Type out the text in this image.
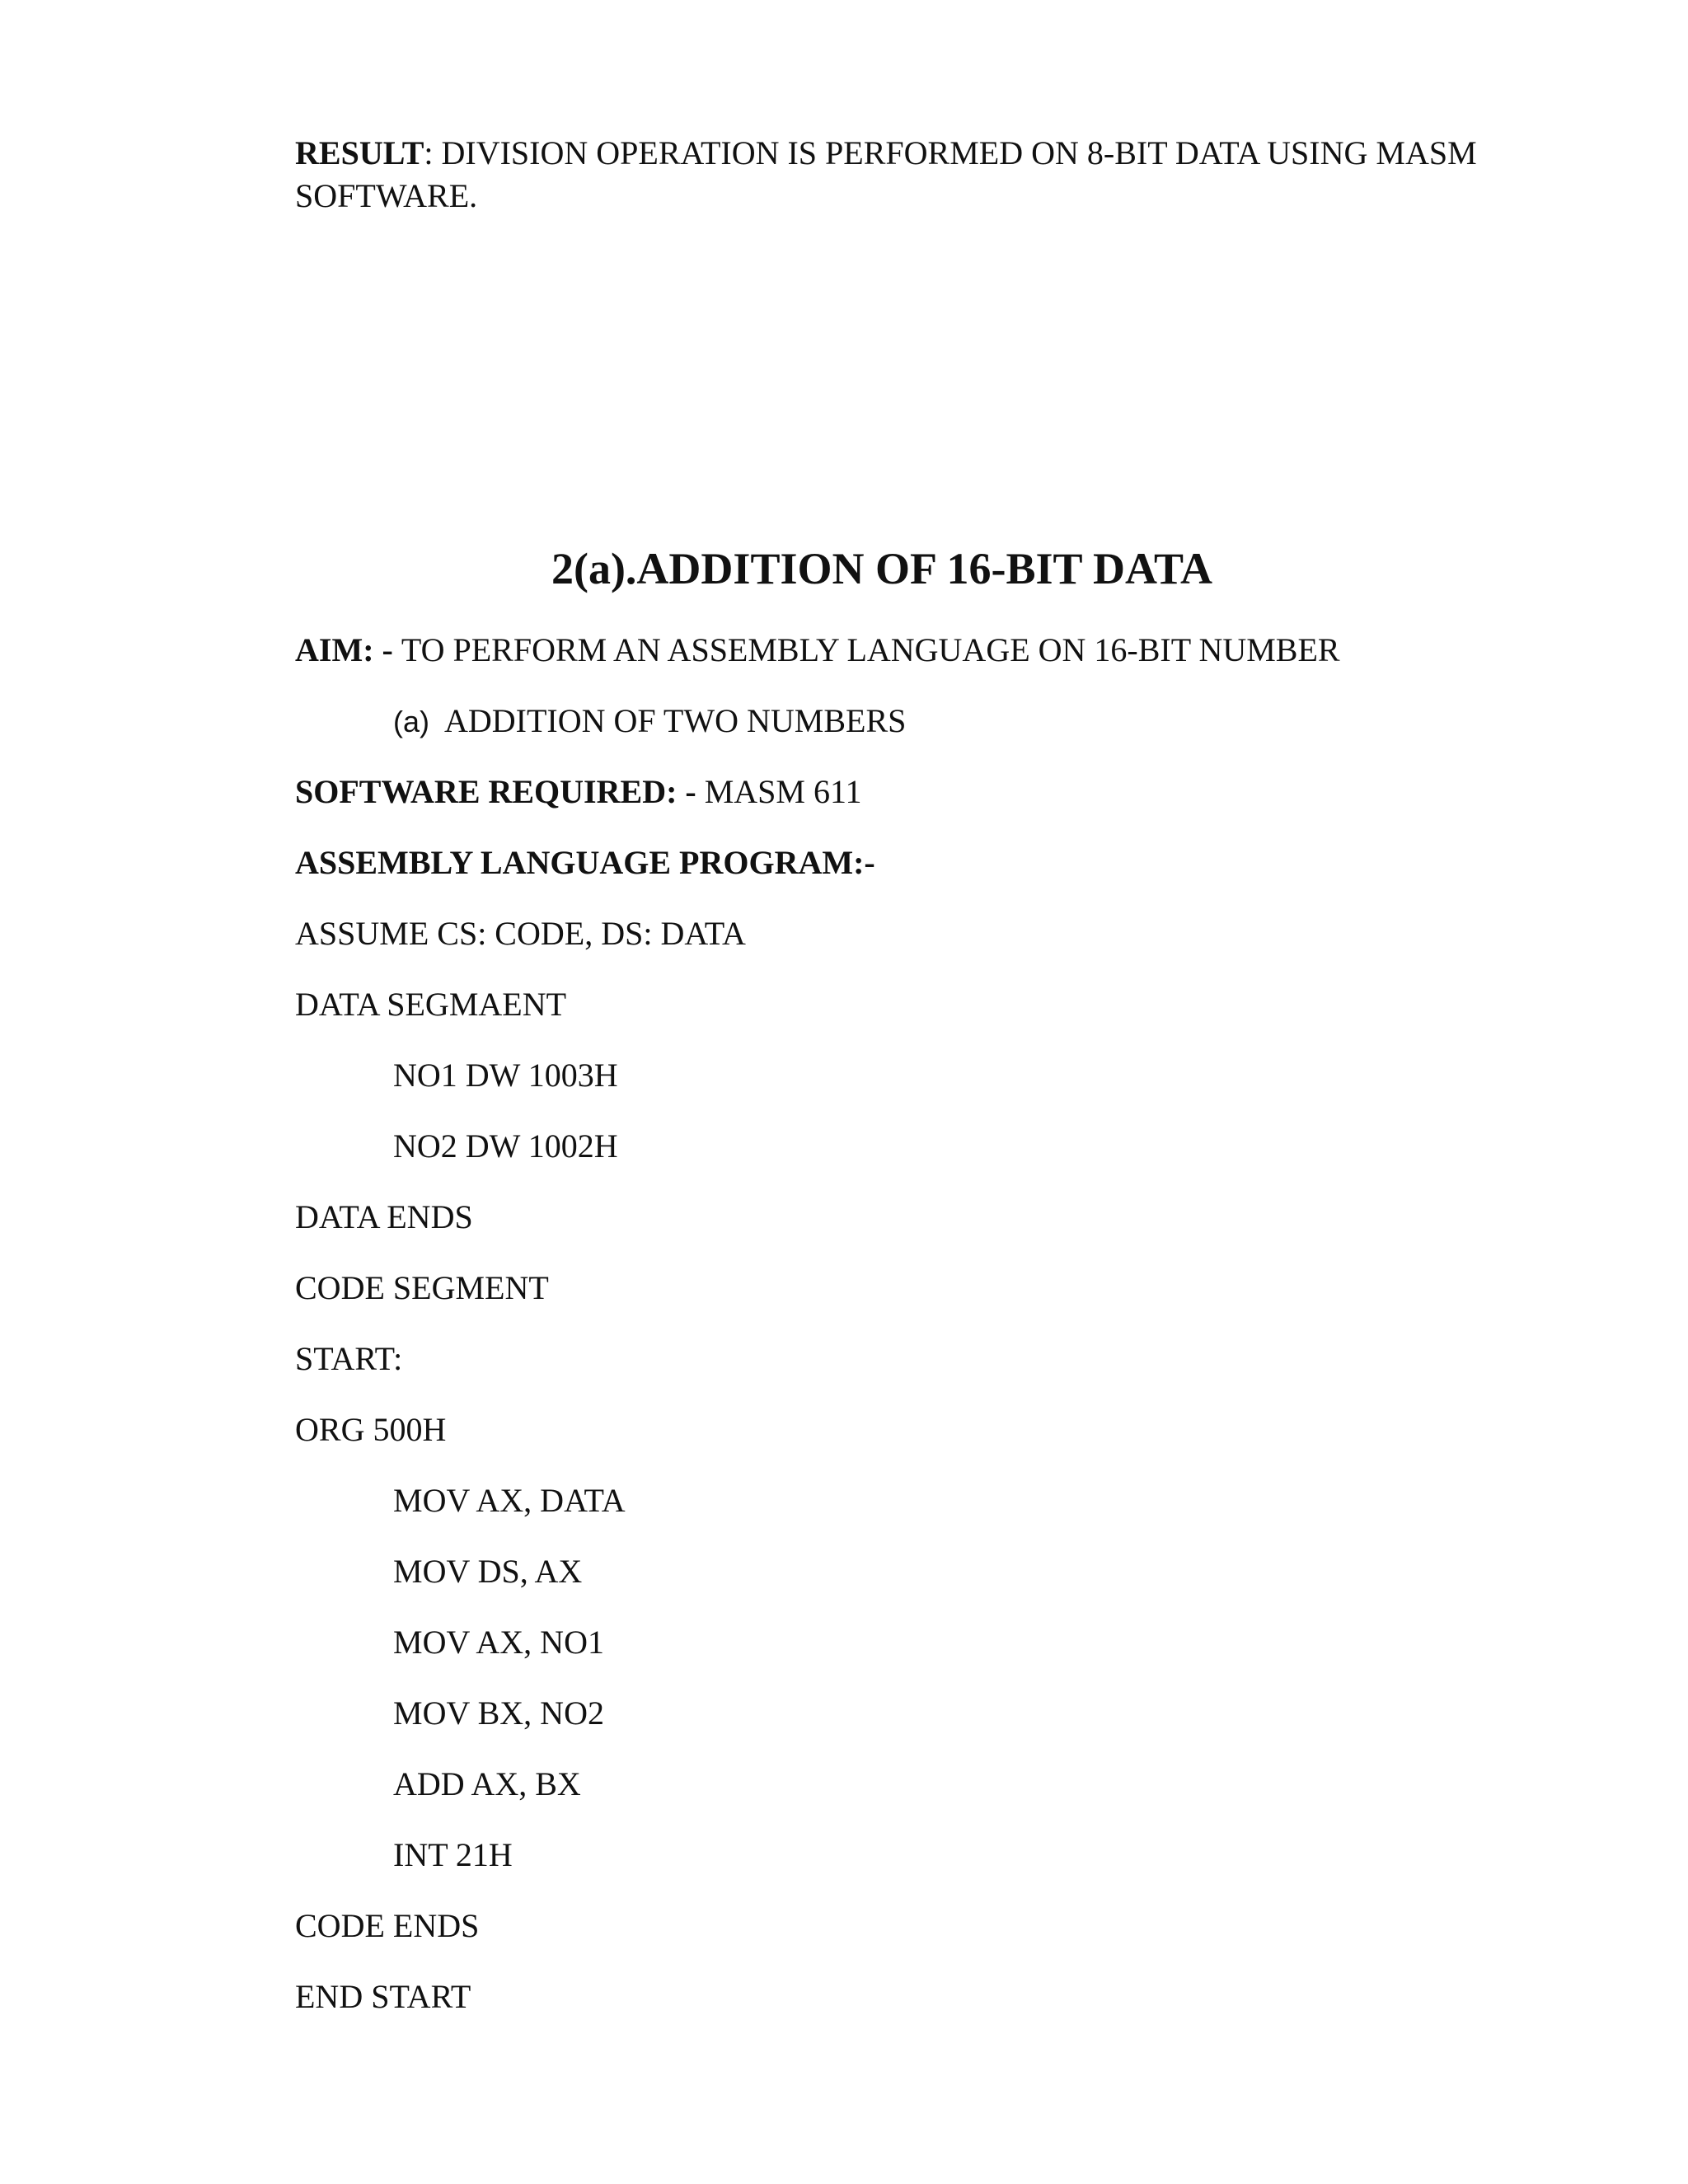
RESULT: DIVISION OPERATION IS PERFORMED ON 8-BIT DATA USING MASM SOFTWARE.
2(a).ADDITION OF 16-BIT DATA
AIM: - TO PERFORM AN ASSEMBLY LANGUAGE ON 16-BIT NUMBER
(a) ADDITION OF TWO NUMBERS
SOFTWARE REQUIRED: - MASM 611
ASSEMBLY LANGUAGE PROGRAM:-
ASSUME CS: CODE, DS: DATA
DATA SEGMAENT
NO1 DW 1003H
NO2 DW 1002H
DATA ENDS
CODE SEGMENT
START:
ORG 500H
MOV AX, DATA
MOV DS, AX
MOV AX, NO1
MOV BX, NO2
ADD AX, BX
INT 21H
CODE ENDS
END START
